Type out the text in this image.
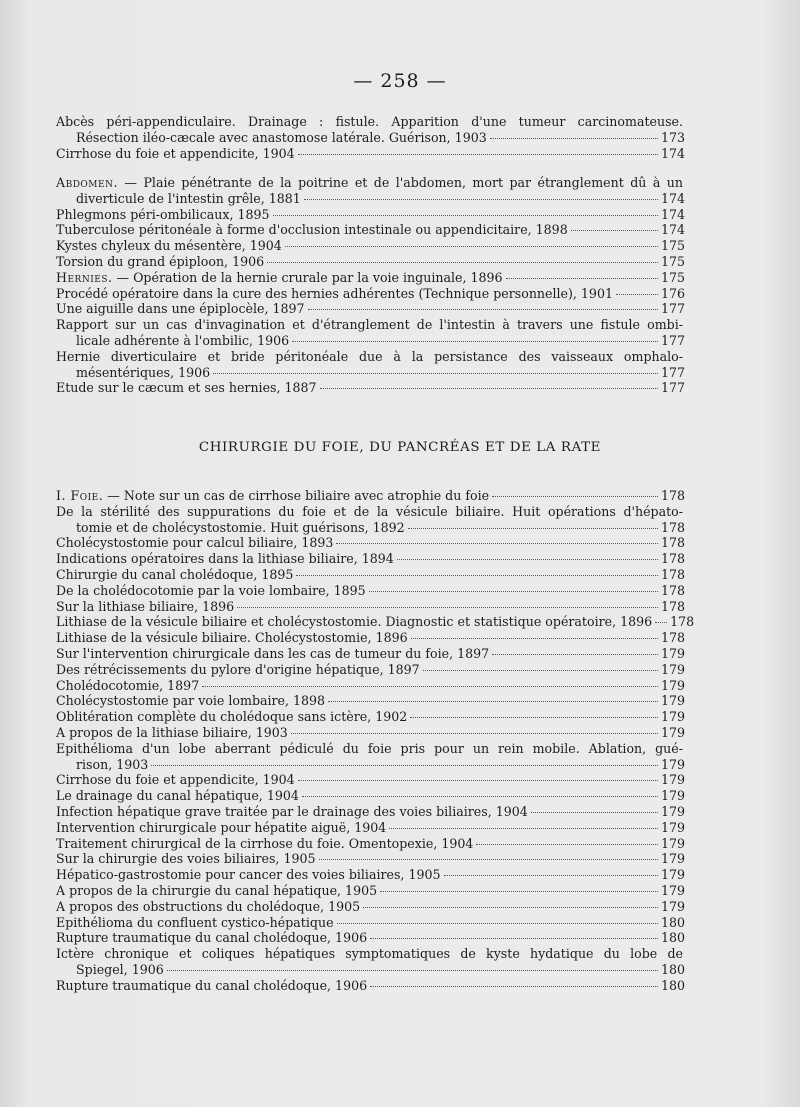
— 258 —
Abcès péri-appendiculaire. Drainage : fistule. Apparition d'une tumeur carcinomateuse.
Résection iléo-cæcale avec anastomose latérale. Guérison, 1903	173
Cirrhose du foie et appendicite, 1904	174
Abdomen. — Plaie pénétrante de la poitrine et de l'abdomen, mort par étranglement dû à un
diverticule de l'intestin grêle, 1881	174
Phlegmons péri-ombilicaux, 1895	174
Tuberculose péritonéale à forme d'occlusion intestinale ou appendicitaire, 1898	174
Kystes chyleux du mésentère, 1904	175
Torsion du grand épiploon, 1906	175
Hernies. — Opération de la hernie crurale par la voie inguinale, 1896	175
Procédé opératoire dans la cure des hernies adhérentes (Technique personnelle), 1901	176
Une aiguille dans une épiplocèle, 1897	177
Rapport sur un cas d'invagination et d'étranglement de l'intestin à travers une fistule ombi-
licale adhérente à l'ombilic, 1906	177
Hernie diverticulaire et bride péritonéale due à la persistance des vaisseaux omphalo-
mésentériques, 1906	177
Etude sur le cæcum et ses hernies, 1887	177
CHIRURGIE DU FOIE, DU PANCRÉAS ET DE LA RATE
I. Foie. — Note sur un cas de cirrhose biliaire avec atrophie du foie	178
De la stérilité des suppurations du foie et de la vésicule biliaire. Huit opérations d'hépato-
tomie et de cholécystostomie. Huit guérisons, 1892	178
Cholécystostomie pour calcul biliaire, 1893	178
Indications opératoires dans la lithiase biliaire, 1894	178
Chirurgie du canal cholédoque, 1895	178
De la cholédocotomie par la voie lombaire, 1895	178
Sur la lithiase biliaire, 1896	178
Lithiase de la vésicule biliaire et cholécystostomie. Diagnostic et statistique opératoire, 1896 178
Lithiase de la vésicule biliaire. Cholécystostomie, 1896	178
Sur l'intervention chirurgicale dans les cas de tumeur du foie, 1897	179
Des rétrécissements du pylore d'origine hépatique, 1897	179
Cholédocotomie, 1897	179
Cholécystostomie par voie lombaire, 1898	179
Oblitération complète du cholédoque sans ictère, 1902	179
A propos de la lithiase biliaire, 1903	179
Epithélioma d'un lobe aberrant pédiculé du foie pris pour un rein mobile. Ablation, gué-
rison, 1903	179
Cirrhose du foie et appendicite, 1904	179
Le drainage du canal hépatique, 1904	179
Infection hépatique grave traitée par le drainage des voies biliaires, 1904	179
Intervention chirurgicale pour hépatite aiguë, 1904	179
Traitement chirurgical de la cirrhose du foie. Omentopexie, 1904	179
Sur la chirurgie des voies biliaires, 1905	179
Hépatico-gastrostomie pour cancer des voies biliaires, 1905	179
A propos de la chirurgie du canal hépatique, 1905	179
A propos des obstructions du cholédoque, 1905	179
Epithélioma du confluent cystico-hépatique	180
Rupture traumatique du canal cholédoque, 1906	180
Ictère chronique et coliques hépatiques symptomatiques de kyste hydatique du lobe de
Spiegel, 1906	180
Rupture traumatique du canal cholédoque, 1906	180
